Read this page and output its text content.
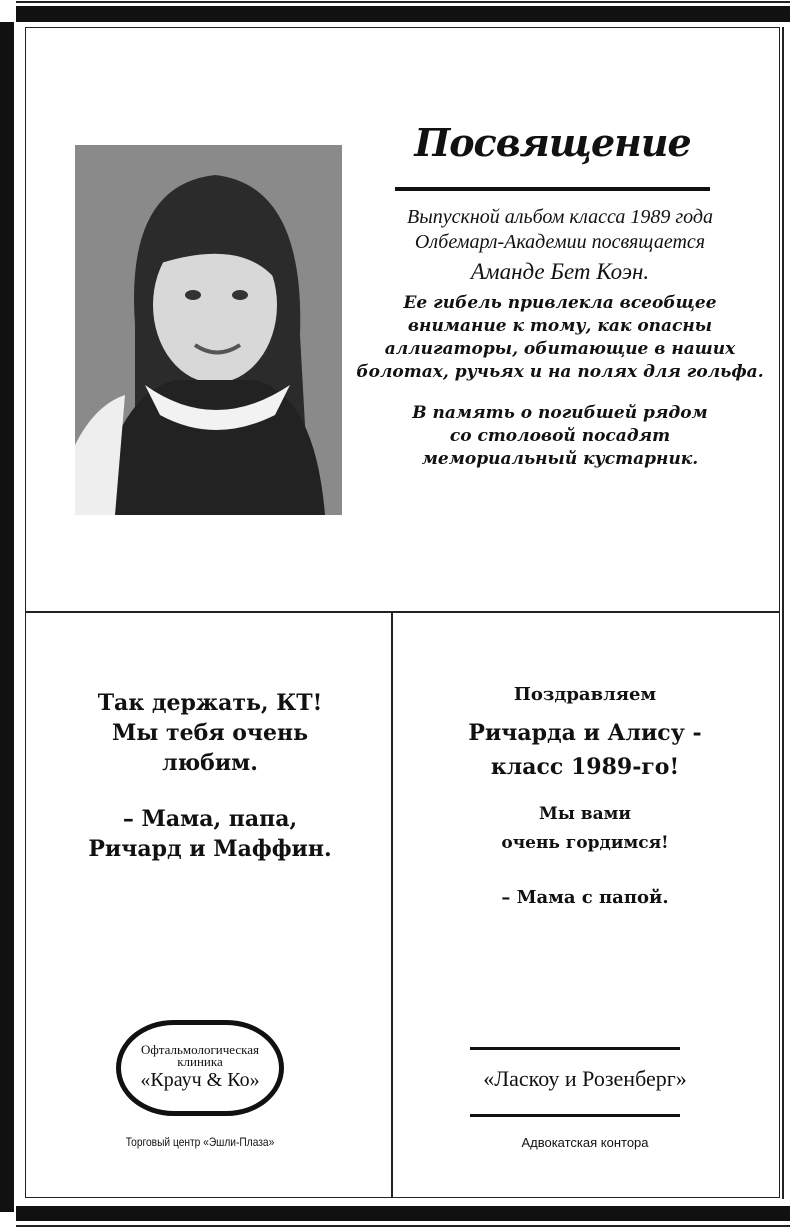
Посвящение
Выпускной альбом класса 1989 года
Олбемарл-Академии посвящается
Аманде Бет Коэн.
Ее гибель привлекла всеобщее
внимание к тому, как опасны
аллигаторы, обитающие в наших
болотах, ручьях и на полях для гольфа.
В память о погибшей рядом
со столовой посадят
мемориальный кустарник.
Так держать, КТ!
Мы тебя очень
любим.
– Мама, папа,
Ричард и Маффин.
Офтальмологическая
клиника
«Крауч & Ко»
Торговый центр «Эшли-Плаза»
Поздравляем
Ричарда и Алису -
класс 1989-го!
Мы вами
очень гордимся!
– Мама с папой.
«Ласкоу и Розенберг»
Адвокатская контора
